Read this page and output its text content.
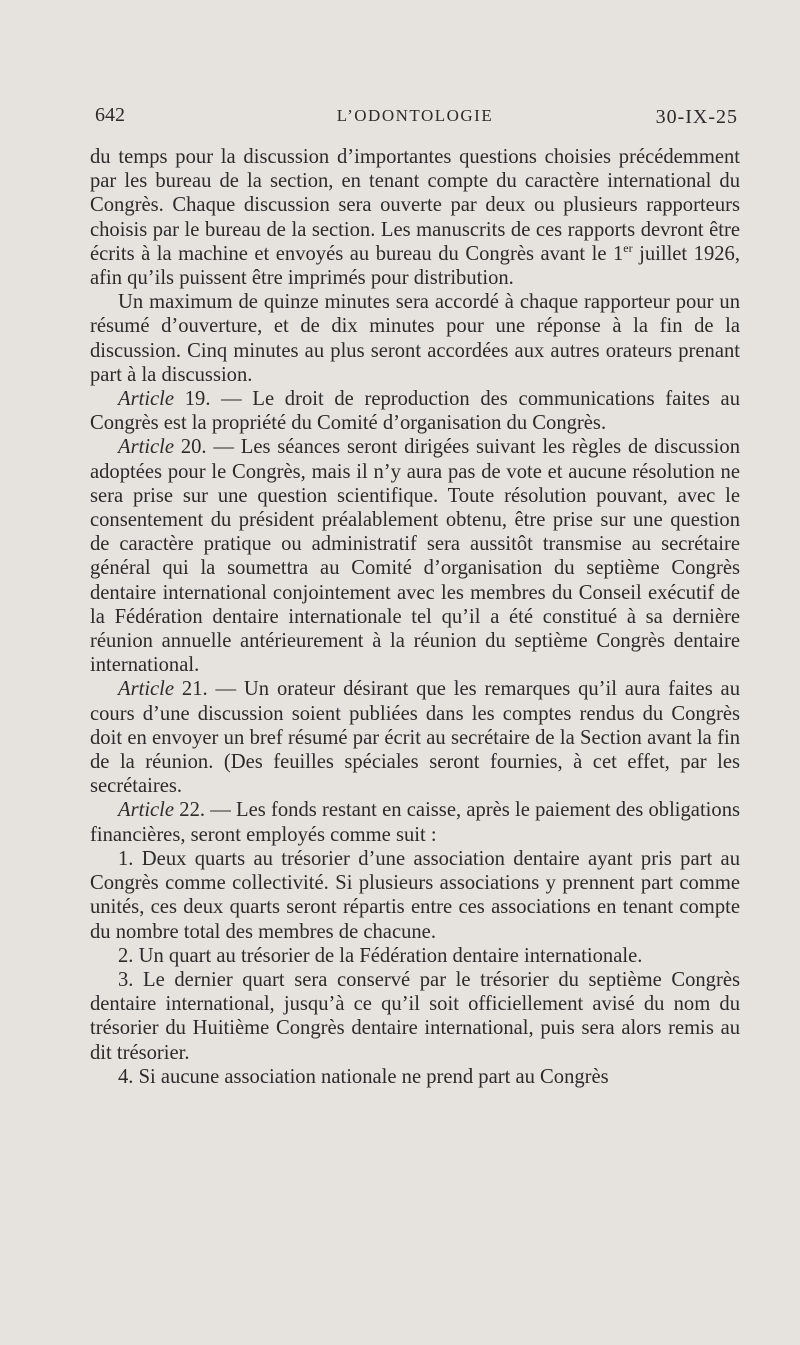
642	L’ODONTOLOGIE	30-IX-25

du temps pour la discussion d’importantes questions choisies précédemment par les bureau de la section, en tenant compte du caractère international du Congrès. Chaque discussion sera ouverte par deux ou plusieurs rapporteurs choisis par le bureau de la section. Les manuscrits de ces rapports devront être écrits à la machine et envoyés au bureau du Congrès avant le 1er juillet 1926, afin qu’ils puissent être imprimés pour distribution.

Un maximum de quinze minutes sera accordé à chaque rapporteur pour un résumé d’ouverture, et de dix minutes pour une réponse à la fin de la discussion. Cinq minutes au plus seront accordées aux autres orateurs prenant part à la discussion.

Article 19. — Le droit de reproduction des communications faites au Congrès est la propriété du Comité d’organisation du Congrès.

Article 20. — Les séances seront dirigées suivant les règles de discussion adoptées pour le Congrès, mais il n’y aura pas de vote et aucune résolution ne sera prise sur une question scientifique. Toute résolution pouvant, avec le consentement du président préalablement obtenu, être prise sur une question de caractère pratique ou administratif sera aussitôt transmise au secrétaire général qui la soumettra au Comité d’organisation du septième Congrès dentaire international conjointement avec les membres du Conseil exécutif de la Fédération dentaire internationale tel qu’il a été constitué à sa dernière réunion annuelle antérieurement à la réunion du septième Congrès dentaire international.

Article 21. — Un orateur désirant que les remarques qu’il aura faites au cours d’une discussion soient publiées dans les comptes rendus du Congrès doit en envoyer un bref résumé par écrit au secrétaire de la Section avant la fin de la réunion. (Des feuilles spéciales seront fournies, à cet effet, par les secrétaires.

Article 22. — Les fonds restant en caisse, après le paiement des obligations financières, seront employés comme suit :

1. Deux quarts au trésorier d’une association dentaire ayant pris part au Congrès comme collectivité. Si plusieurs associations y prennent part comme unités, ces deux quarts seront répartis entre ces associations en tenant compte du nombre total des membres de chacune.

2. Un quart au trésorier de la Fédération dentaire internationale.

3. Le dernier quart sera conservé par le trésorier du septième Congrès dentaire international, jusqu’à ce qu’il soit officiellement avisé du nom du trésorier du Huitième Congrès dentaire international, puis sera alors remis au dit trésorier.

4. Si aucune association nationale ne prend part au Congrès
